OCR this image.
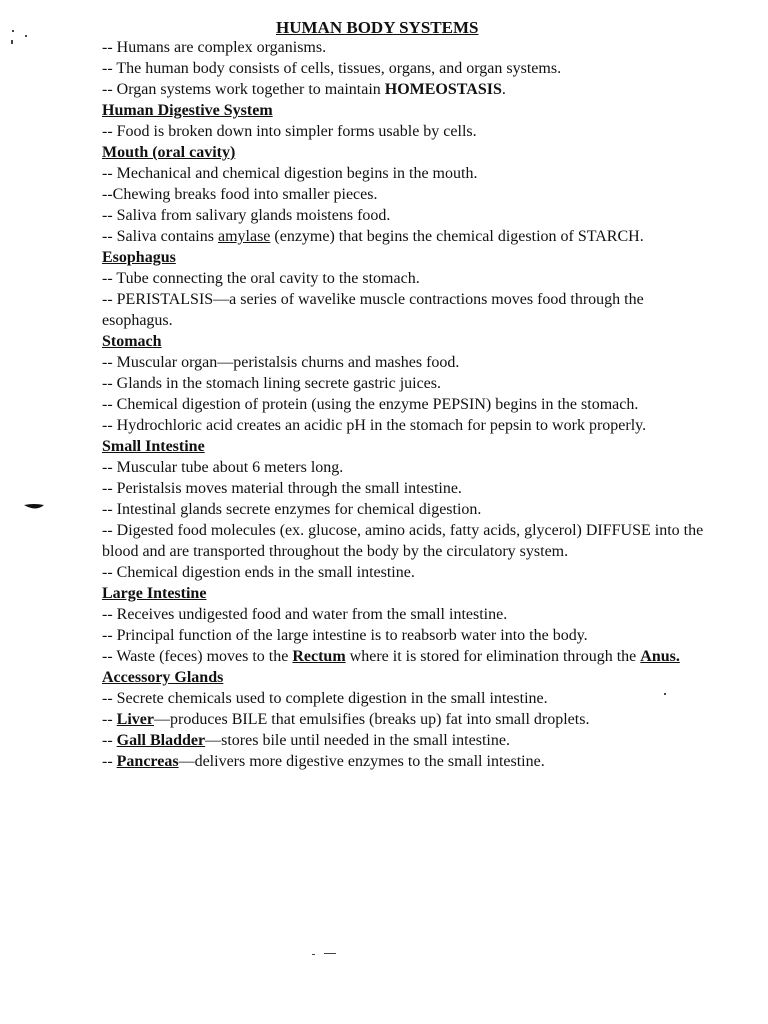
HUMAN BODY SYSTEMS
-- Humans are complex organisms.
-- The human body consists of cells, tissues, organs, and organ systems.
-- Organ systems work together to maintain HOMEOSTASIS.
Human Digestive System
-- Food is broken down into simpler forms usable by cells.
Mouth (oral cavity)
-- Mechanical and chemical digestion begins in the mouth.
--Chewing breaks food into smaller pieces.
-- Saliva from salivary glands moistens food.
-- Saliva contains amylase (enzyme) that begins the chemical digestion of STARCH.
Esophagus
-- Tube connecting the oral cavity to the stomach.
-- PERISTALSIS—a series of wavelike muscle contractions moves food through the esophagus.
Stomach
-- Muscular organ—peristalsis churns and mashes food.
-- Glands in the stomach lining secrete gastric juices.
-- Chemical digestion of protein (using the enzyme PEPSIN) begins in the stomach.
-- Hydrochloric acid creates an acidic pH in the stomach for pepsin to work properly.
Small Intestine
-- Muscular tube about 6 meters long.
-- Peristalsis moves material through the small intestine.
-- Intestinal glands secrete enzymes for chemical digestion.
-- Digested food molecules (ex. glucose, amino acids, fatty acids, glycerol) DIFFUSE into the blood and are transported throughout the body by the circulatory system.
-- Chemical digestion ends in the small intestine.
Large Intestine
-- Receives undigested food and water from the small intestine.
-- Principal function of the large intestine is to reabsorb water into the body.
-- Waste (feces) moves to the Rectum where it is stored for elimination through the Anus.
Accessory Glands
-- Secrete chemicals used to complete digestion in the small intestine.
-- Liver—produces BILE that emulsifies (breaks up) fat into small droplets.
-- Gall Bladder—stores bile until needed in the small intestine.
-- Pancreas—delivers more digestive enzymes to the small intestine.
